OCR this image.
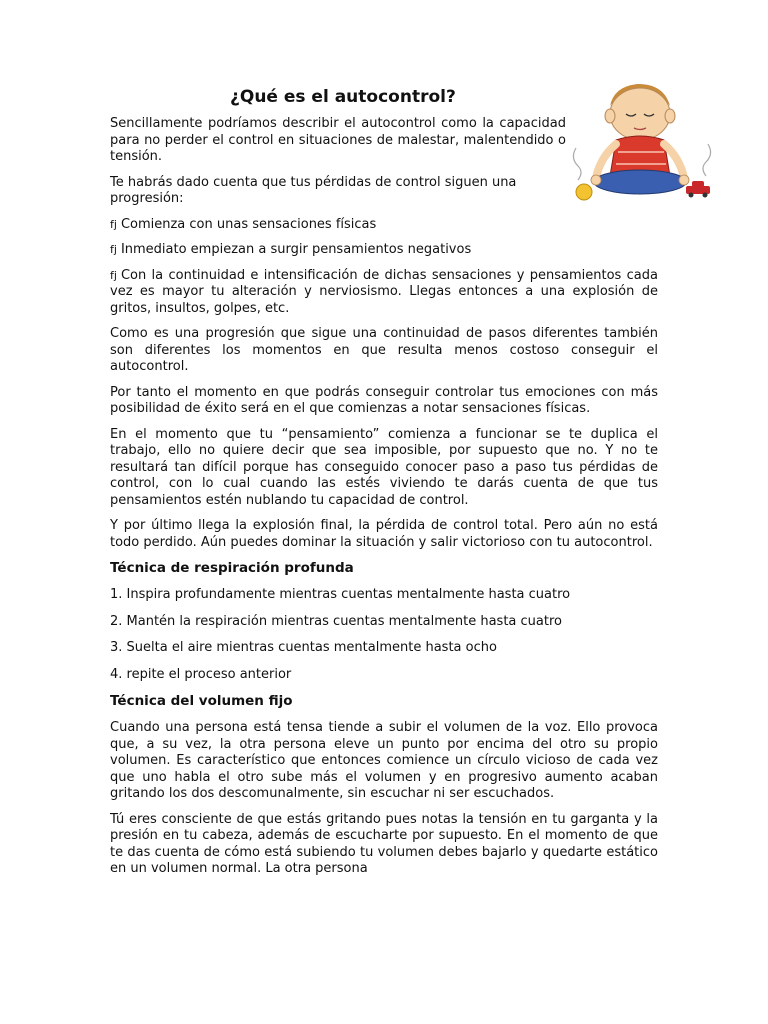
¿Qué es el autocontrol?

Sencillamente podríamos describir el autocontrol como la capacidad para no perder el control en situaciones de malestar, malentendido o tensión.

Te habrás dado cuenta que tus pérdidas de control siguen una progresión:

fj Comienza con unas sensaciones físicas

fj Inmediato empiezan a surgir pensamientos negativos

fj Con la continuidad e intensificación de dichas sensaciones y pensamientos cada vez es mayor tu alteración y nerviosismo. Llegas entonces a una explosión de gritos, insultos, golpes, etc.

Como es una progresión que sigue una continuidad de pasos diferentes también son diferentes los momentos en que resulta menos costoso conseguir el autocontrol.

Por tanto el momento en que podrás conseguir controlar tus emociones con más posibilidad de éxito será en el que comienzas a notar sensaciones físicas.

En el momento que tu “pensamiento” comienza a funcionar se te duplica el trabajo, ello no quiere decir que sea imposible, por supuesto que no. Y no te resultará tan difícil porque has conseguido conocer paso a paso tus pérdidas de control, con lo cual cuando las estés viviendo te darás cuenta de que tus pensamientos estén nublando tu capacidad de control.

Y por último llega la explosión final, la pérdida de control total. Pero aún no está todo perdido. Aún puedes dominar la situación y salir victorioso con tu autocontrol.

Técnica de respiración profunda

1. Inspira profundamente mientras cuentas mentalmente hasta cuatro

2. Mantén la respiración mientras cuentas mentalmente hasta cuatro

3. Suelta el aire mientras cuentas mentalmente hasta ocho

4. repite el proceso anterior

Técnica del volumen fijo

Cuando una persona está tensa tiende a subir el volumen de la voz. Ello provoca que, a su vez, la otra persona eleve un punto por encima del otro su propio volumen. Es característico que entonces comience un círculo vicioso de cada vez que uno habla el otro sube más el volumen y en progresivo aumento acaban gritando los dos descomunalmente, sin escuchar ni ser escuchados.

Tú eres consciente de que estás gritando pues notas la tensión en tu garganta y la presión en tu cabeza, además de escucharte por supuesto. En el momento de que te das cuenta de cómo está subiendo tu volumen debes bajarlo y quedarte estático en un volumen normal. La otra persona
